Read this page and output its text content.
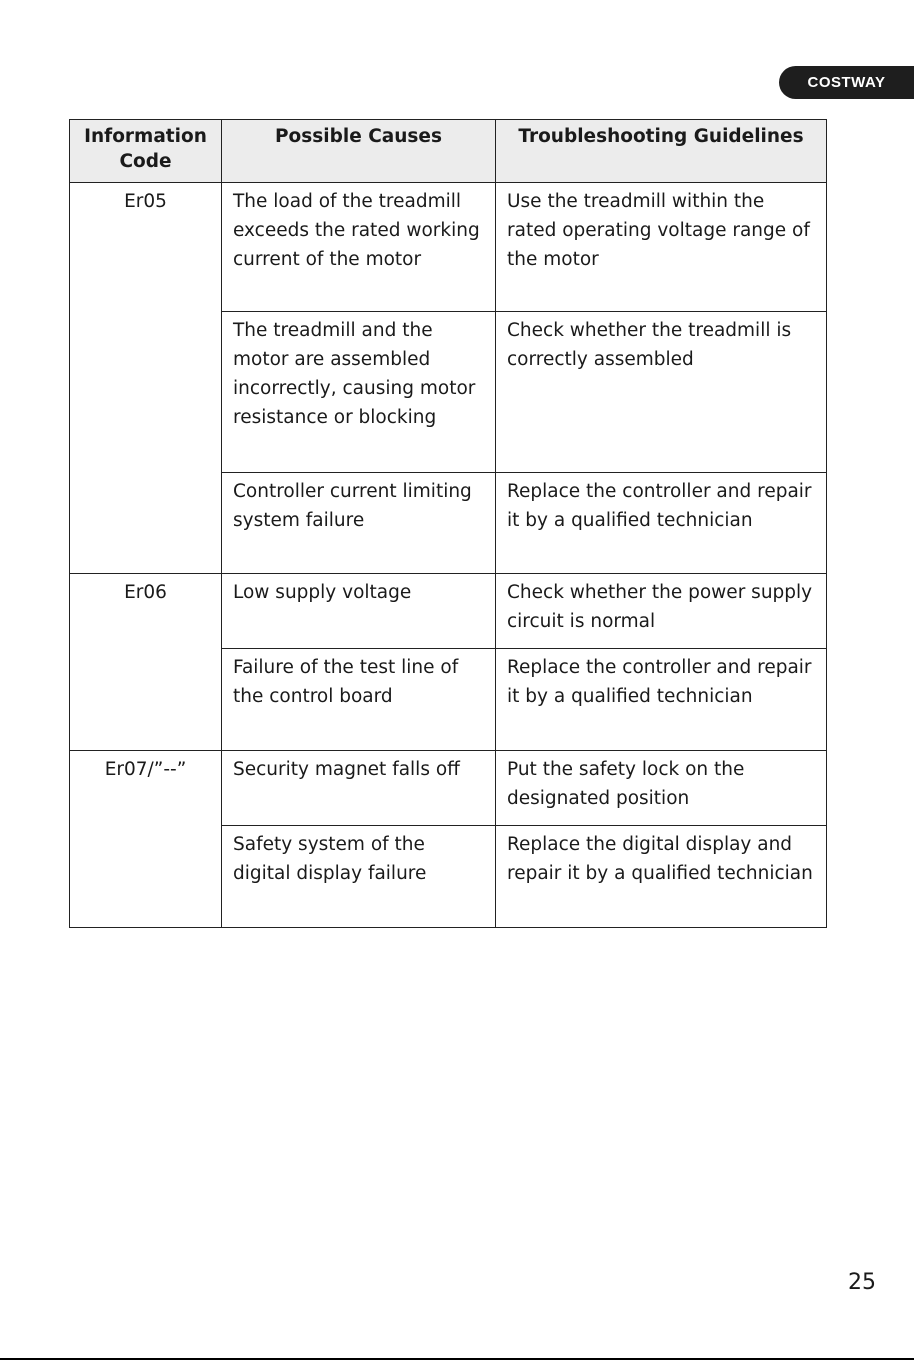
COSTWAY
Information Code	Possible Causes	Troubleshooting Guidelines
Er05	The load of the treadmill exceeds the rated working current of the motor	Use the treadmill within the rated operating voltage range of the motor
	The treadmill and the motor are assembled incorrectly, causing motor resistance or blocking	Check whether the treadmill is correctly assembled
	Controller current limiting system failure	Replace the controller and repair it by a qualified technician
Er06	Low supply voltage	Check whether the power supply circuit is normal
	Failure of the test line of the control board	Replace the controller and repair it by a qualified technician
Er07/”--”	Security magnet falls off	Put the safety lock on the designated position
	Safety system of the digital display failure	Replace the digital display and repair it by a qualified technician
25
